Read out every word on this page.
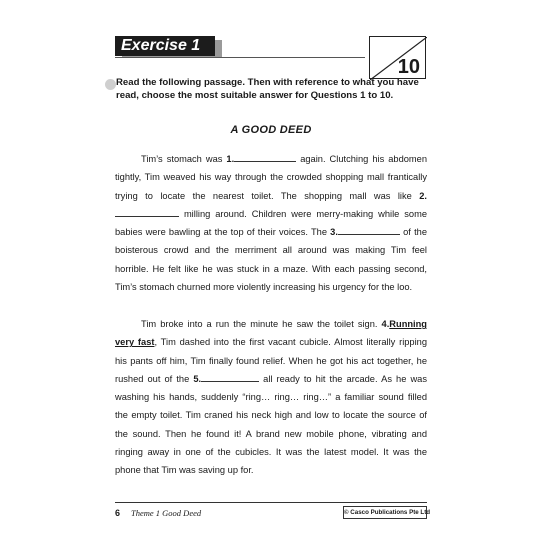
Exercise 1
10
Read the following passage. Then with reference to what you have read, choose the most suitable answer for Questions 1 to 10.
A GOOD DEED
Tim’s stomach was 1.	again. Clutching his abdomen tightly, Tim weaved his way through the crowded shopping mall frantically trying to locate the nearest toilet. The shopping mall was like 2. milling around. Children were merry-making while some babies were bawling at the top of their voices. The 3.	of the boisterous crowd and the merriment all around was making Tim feel horrible. He felt like he was stuck in a maze. With each passing second, Tim’s stomach churned more violently increasing his urgency for the loo.
Tim broke into a run the minute he saw the toilet sign. 4.Running very fast, Tim dashed into the first vacant cubicle. Almost literally ripping his pants off him, Tim finally found relief. When he got his act together, he rushed out of the 5.	all ready to hit the arcade. As he was washing his hands, suddenly “ring… ring… ring…” a familiar sound filled the empty toilet. Tim craned his neck high and low to locate the source of the sound. Then he found it! A brand new mobile phone, vibrating and ringing away in one of the cubicles. It was the latest model. It was the phone that Tim was saving up for.
6 Theme 1 Good Deed	© Casco Publications Pte Ltd
